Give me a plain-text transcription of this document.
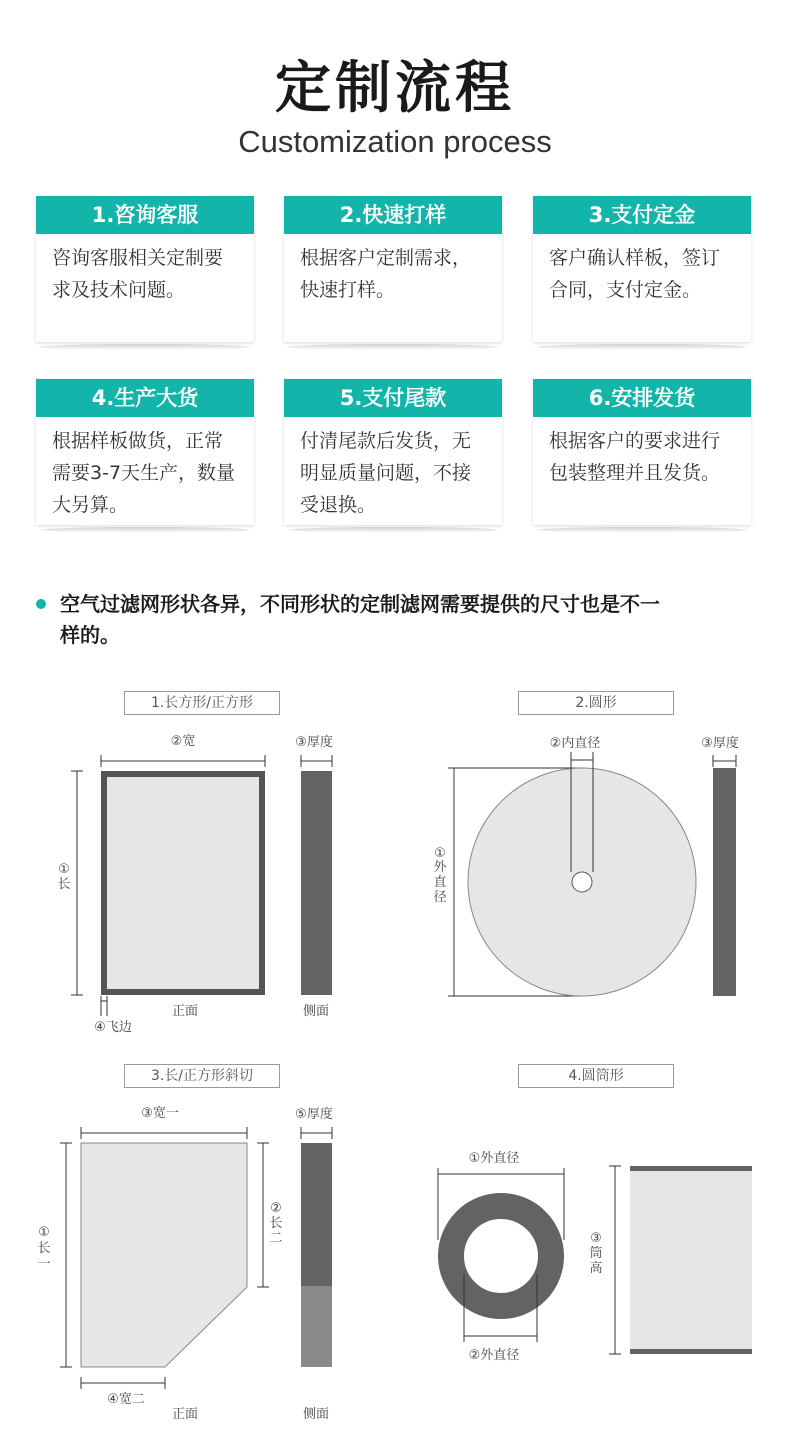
定制流程
Customization process
1.咨询客服
咨询客服相关定制要
求及技术问题。
2.快速打样
根据客户定制需求，
快速打样。
3.支付定金
客户确认样板，签订
合同，支付定金。
4.生产大货
根据样板做货，正常
需要3-7天生产，数量
大另算。
5.支付尾款
付清尾款后发货，无
明显质量问题，不接
受退换。
6.安排发货
根据客户的要求进行
包装整理并且发货。
空气过滤网形状各异，不同形状的定制滤网需要提供的尺寸也是不一
样的。
1.长方形/正方形	2.圆形
3.长/正方形斜切	4.圆筒形
②宽
①
长
③厚度
④飞边
正面	侧面
②内直径
①
外
直
径
③厚度
③宽一
①
长
一
②
长
二
④宽二
⑤厚度
正面	侧面
①外直径
②外直径
③
筒
高
